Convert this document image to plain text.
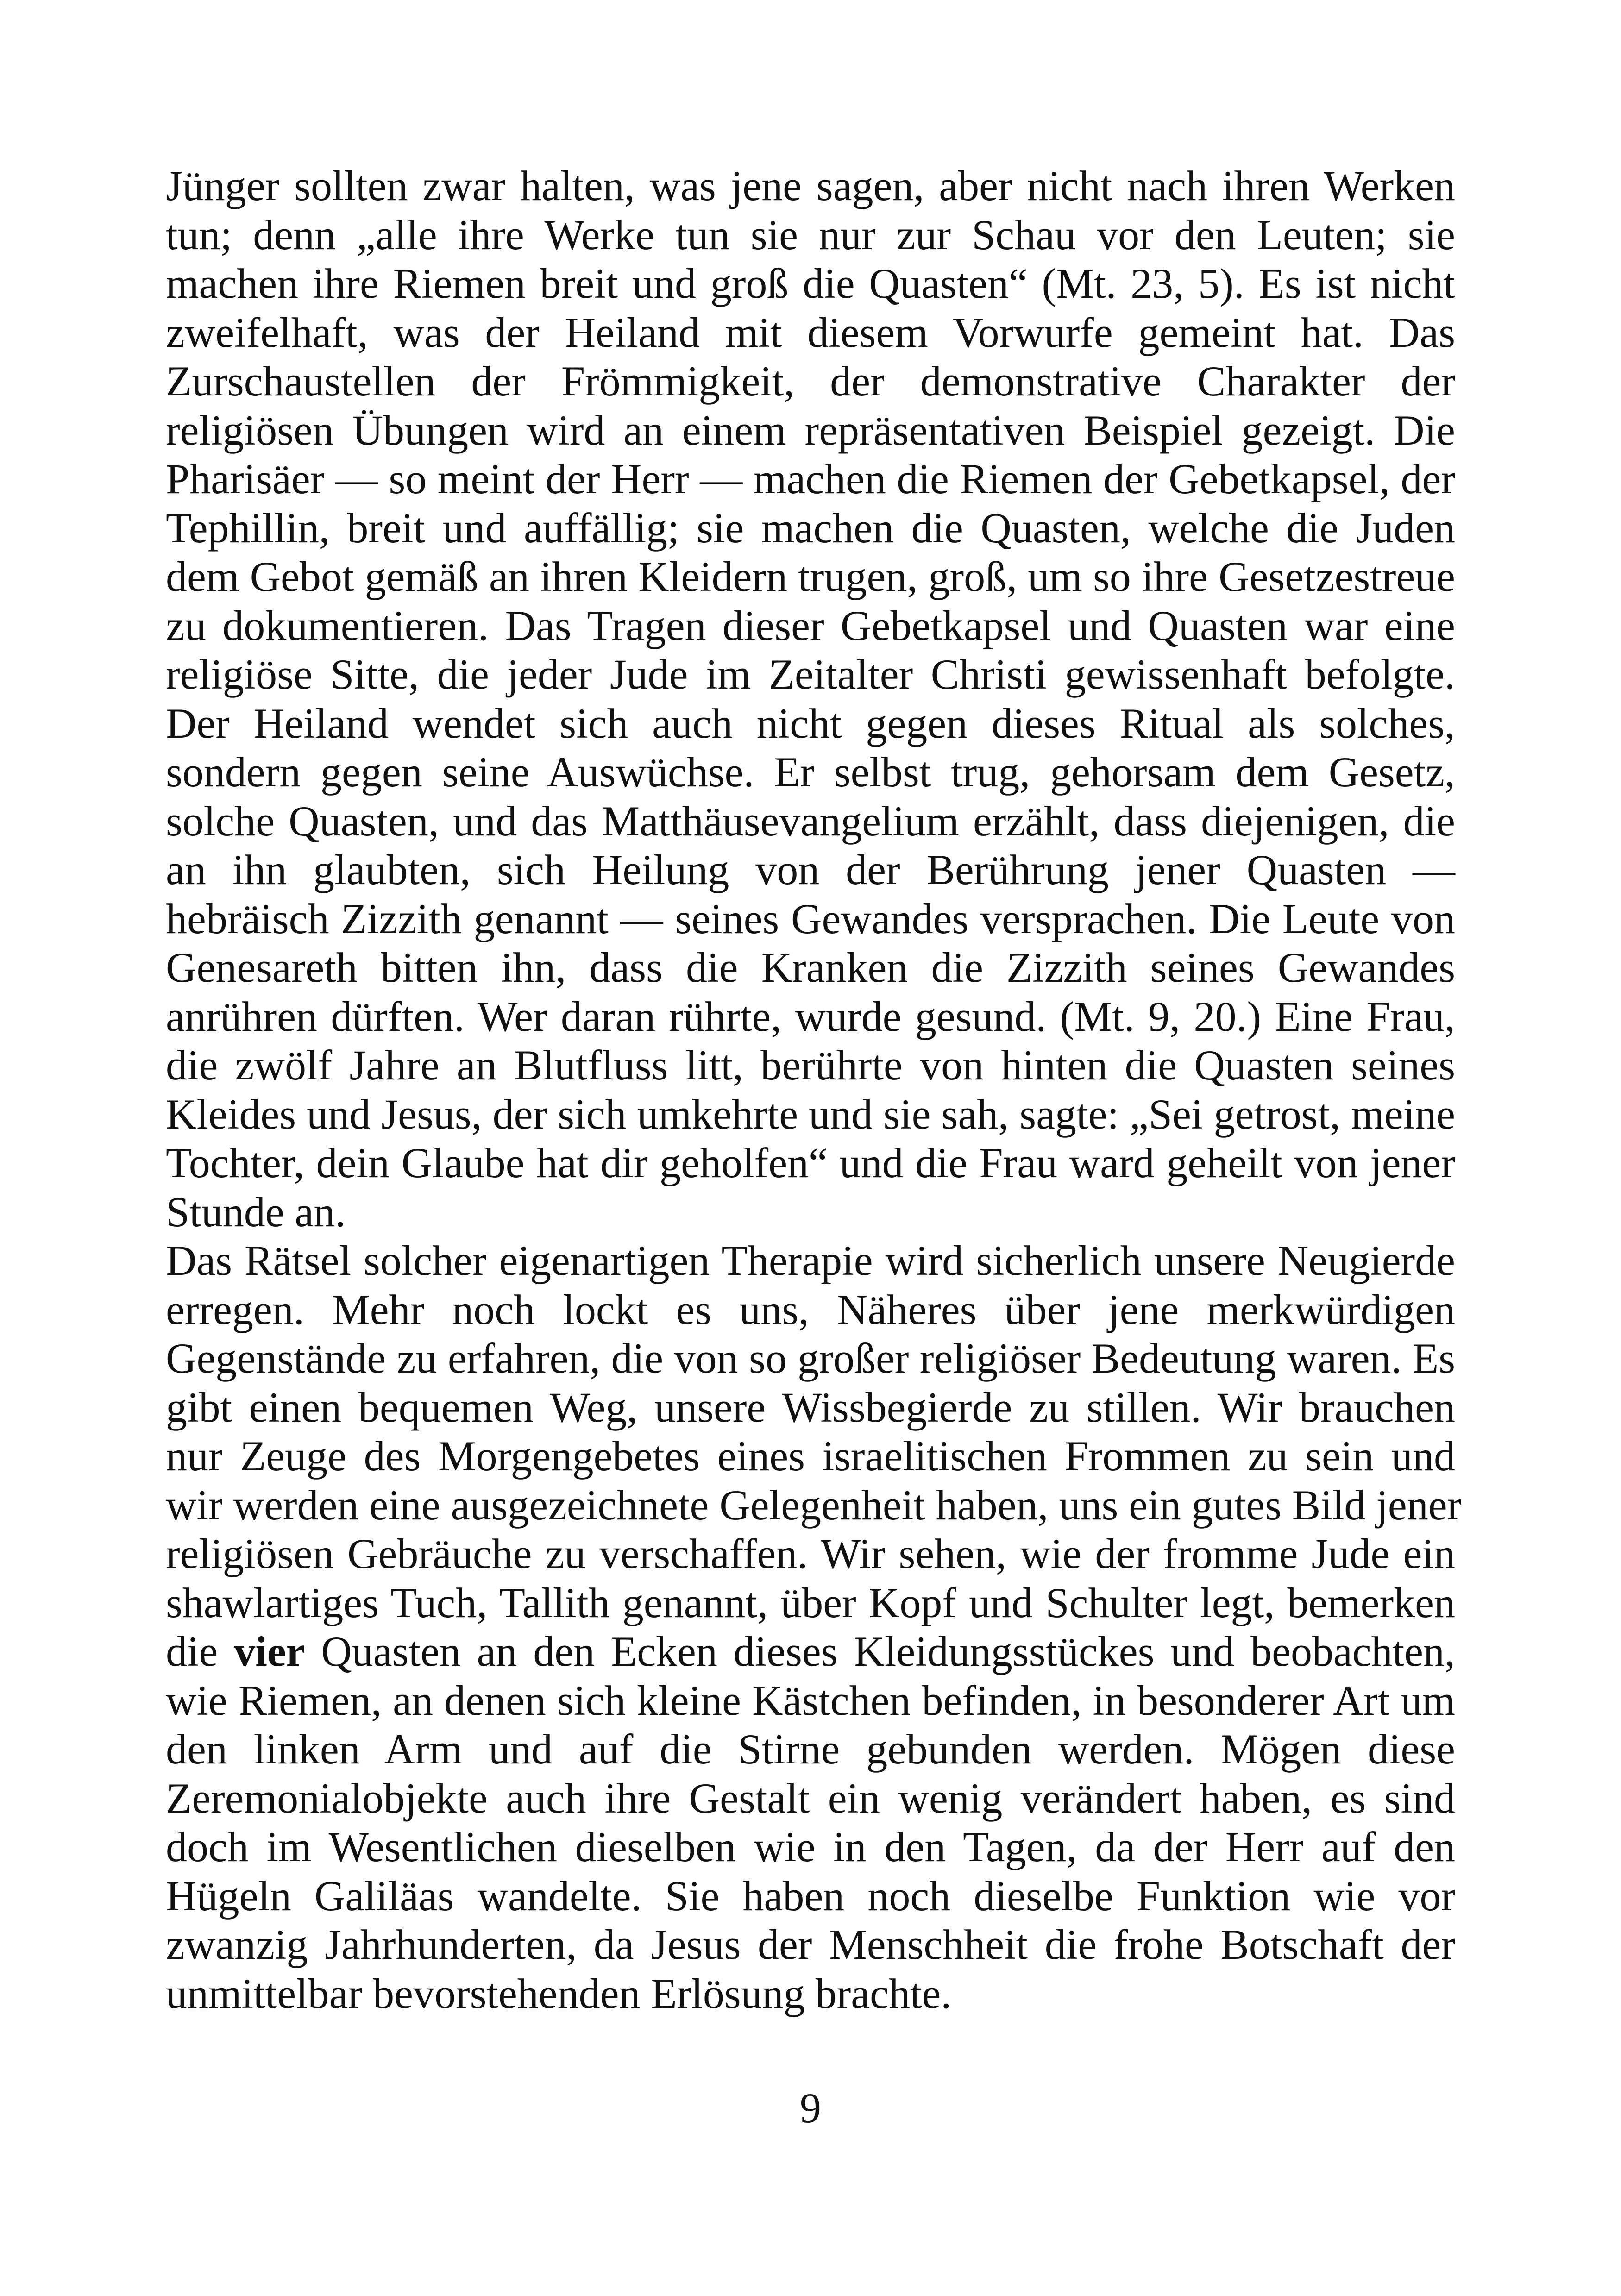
Jünger sollten zwar halten, was jene sagen, aber nicht nach ihren Werken
tun; denn „alle ihre Werke tun sie nur zur Schau vor den Leuten; sie
machen ihre Riemen breit und groß die Quasten“ (Mt. 23, 5). Es ist nicht
zweifelhaft, was der Heiland mit diesem Vorwurfe gemeint hat. Das
Zurschaustellen der Frömmigkeit, der demonstrative Charakter der
religiösen Übungen wird an einem repräsentativen Beispiel gezeigt. Die
Pharisäer — so meint der Herr — machen die Riemen der Gebetkapsel, der
Tephillin, breit und auffällig; sie machen die Quasten, welche die Juden
dem Gebot gemäß an ihren Kleidern trugen, groß, um so ihre Gesetzestreue
zu dokumentieren. Das Tragen dieser Gebetkapsel und Quasten war eine
religiöse Sitte, die jeder Jude im Zeitalter Christi gewissenhaft befolgte.
Der Heiland wendet sich auch nicht gegen dieses Ritual als solches,
sondern gegen seine Auswüchse. Er selbst trug, gehorsam dem Gesetz,
solche Quasten, und das Matthäusevangelium erzählt, dass diejenigen, die
an ihn glaubten, sich Heilung von der Berührung jener Quasten —
hebräisch Zizzith genannt — seines Gewandes versprachen. Die Leute von
Genesareth bitten ihn, dass die Kranken die Zizzith seines Gewandes
anrühren dürften. Wer daran rührte, wurde gesund. (Mt. 9, 20.) Eine Frau,
die zwölf Jahre an Blutfluss litt, berührte von hinten die Quasten seines
Kleides und Jesus, der sich umkehrte und sie sah, sagte: „Sei getrost, meine
Tochter, dein Glaube hat dir geholfen“ und die Frau ward geheilt von jener
Stunde an.
Das Rätsel solcher eigenartigen Therapie wird sicherlich unsere Neugierde
erregen. Mehr noch lockt es uns, Näheres über jene merkwürdigen
Gegenstände zu erfahren, die von so großer religiöser Bedeutung waren. Es
gibt einen bequemen Weg, unsere Wissbegierde zu stillen. Wir brauchen
nur Zeuge des Morgengebetes eines israelitischen Frommen zu sein und
wir werden eine ausgezeichnete Gelegenheit haben, uns ein gutes Bild jener
religiösen Gebräuche zu verschaffen. Wir sehen, wie der fromme Jude ein
shawlartiges Tuch, Tallith genannt, über Kopf und Schulter legt, bemerken
die vier Quasten an den Ecken dieses Kleidungsstückes und beobachten,
wie Riemen, an denen sich kleine Kästchen befinden, in besonderer Art um
den linken Arm und auf die Stirne gebunden werden. Mögen diese
Zeremonialobjekte auch ihre Gestalt ein wenig verändert haben, es sind
doch im Wesentlichen dieselben wie in den Tagen, da der Herr auf den
Hügeln Galiläas wandelte. Sie haben noch dieselbe Funktion wie vor
zwanzig Jahrhunderten, da Jesus der Menschheit die frohe Botschaft der
unmittelbar bevorstehenden Erlösung brachte.
9
